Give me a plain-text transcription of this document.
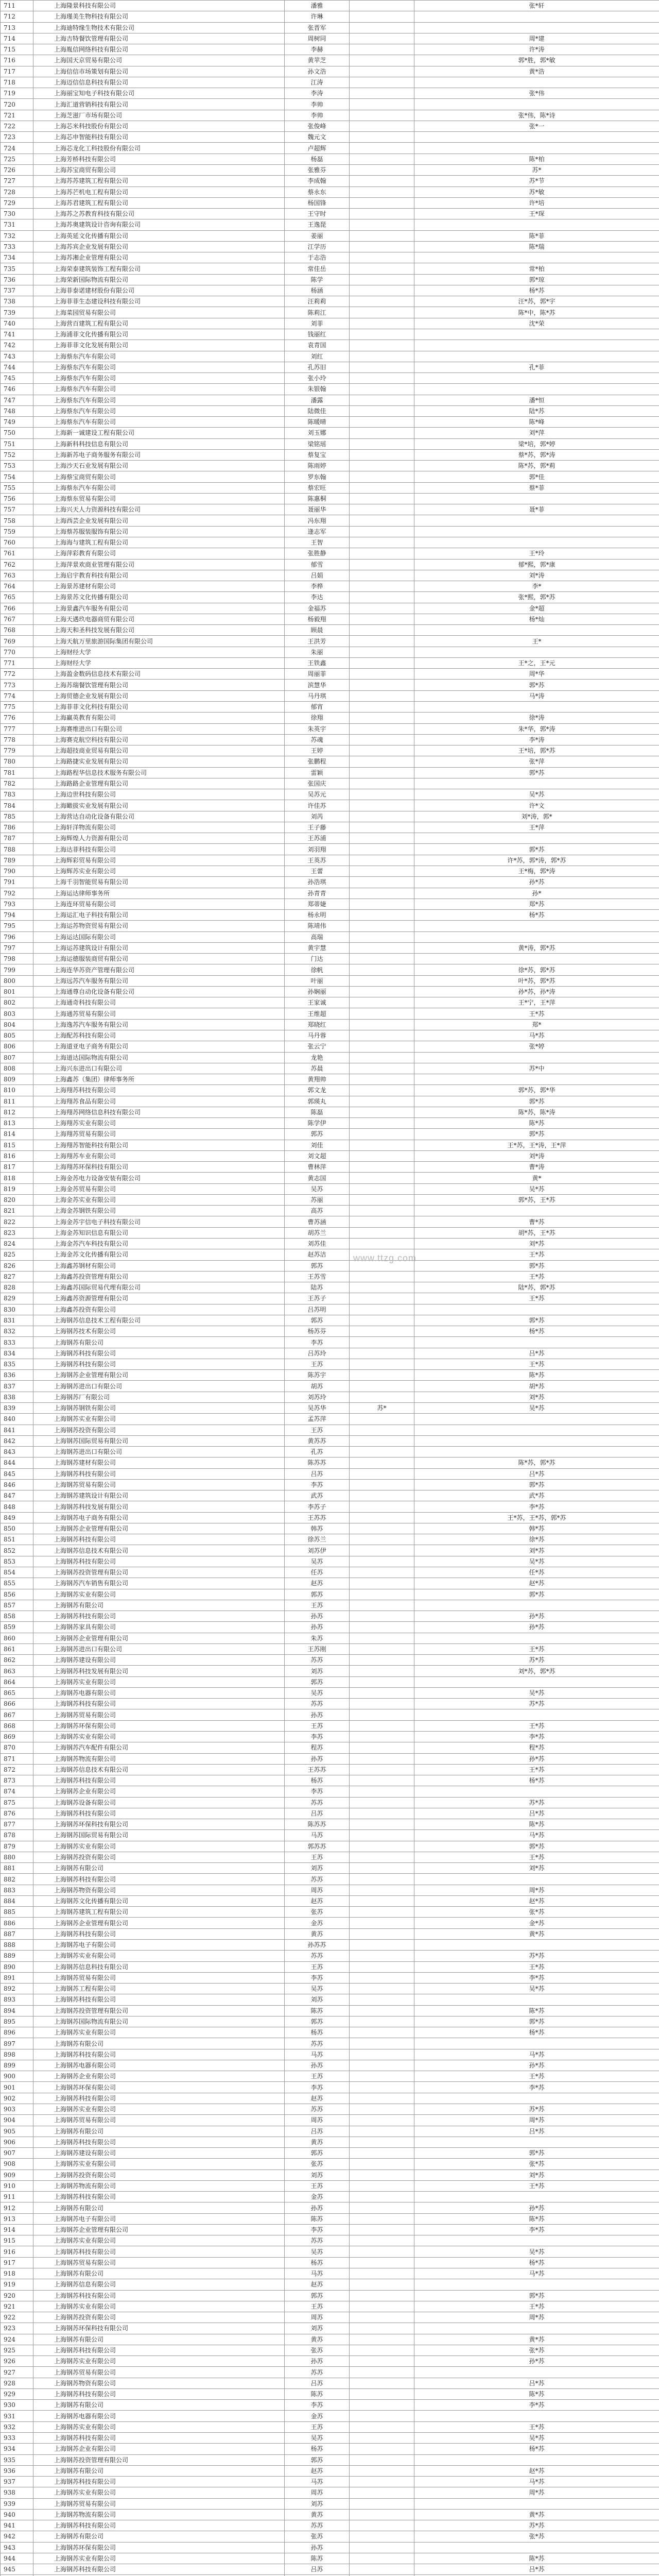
711	上海隆景科技有限公司	潘雅		张*轩
712	上海瑾美生物科技有限公司	许琳		
713	上海迪特缘生物技术有限公司	张晋军		
714	上海吉特餐饮管理有限公司	周树同		周*建
715	上海胤信网络科技有限公司	李赫		许*涛
716	上海国天京贸易有限公司	黄苹芝		郭*胜，郭*敏
717	上海信信市场策划有限公司	孙文浩		黄*浩
718	上海迈信信息科技有限公司	江涛		
719	上海丽宝知电子科技有限公司	李涛		张*伟
720	上海汇道营销科技有限公司	李帅		
721	上海芝滋厂市场有限公司	李帅		张*伟，陈*诗
722	上海芯米科技股份有限公司	张俊峰		张*一
723	上海芯申智能科技有限公司	魏元文		
724	上海芯龙化工科技股份有限公司	卢超辉		
725	上海芳桥科技有限公司	杨磊		陈*柏
726	上海苏宝商贸有限公司	张雅芬		苏*
727	上海苏苏建筑工程有限公司	李成翰		苏*节
728	上海苏芒机电工程有限公司	蔡永东		苏*敏
729	上海苏君建筑工程有限公司	杨国锋		许*培
730	上海苏之苏教育科技有限公司	王守时		王*琛
731	上海苏奥建筑设计咨询有限公司	王逸琵		
732	上海英延文化传播有限公司	姜丽		陈*菲
733	上海苏宾企业发展有限公司	江学历		陈*瑞
734	上海苏湘企业管理有限公司	于志浩		
735	上海荣泰建筑装饰工程有限公司	常佳岳		常*柏
736	上海荣新国际物流有限公司	陈学		郭*琼
737	上海菲泰诺建材股份有限公司	杨涵		杨*苏
738	上海菲菲生态建设科技有限公司	汪莉莉		汪*苏，郭*宇
739	上海菜园贸易有限公司	陈莉江		陈*中，陈*苏
740	上海营百建筑工程有限公司	刘菲		沈*荣
741	上海浦菲文化传播有限公司	钱丽红		
742	上海菲菲文化发展有限公司	袁青国		
743	上海蔡东汽车有限公司	刘红		
744	上海蔡东汽车有限公司	孔苏旧		孔*菲
745	上海蔡东汽车有限公司	张小玲		
746	上海蔡东汽车有限公司	朱银翰		
747	上海蔡东汽车有限公司	潘露		潘*恒
748	上海蔡东汽车有限公司	陆微佳		陆*苏
749	上海蔡东汽车有限公司	陈暖晴		陈*峰
750	上海新一诚建设工程有限公司	刘玉娜		刘*萍
751	上海新科科技信息有限公司	梁铭瑶		梁*培，郭*婷
752	上海新苏电子商务服务有限公司	蔡复宝		蔡*苏，郭*涛
753	上海沙天石业发展有限公司	陈雨婷		陈*苏，郭*莉
754	上海蔡宝商贸有限公司	罗东翰		郭*佳
755	上海蔡东汽车有限公司	蔡宏旺		蔡*菲
756	上海蔡东贸易有限公司	陈惠桐		
757	上海兴天人力资源科技有限公司	聂丽华		聂*菲
758	上海西芸企业发展有限公司	冯东翔		
759	上海蔡苏服装服饰有限公司	逢志军		
760	上海海与建筑工程有限公司	王智		
761	上海萍彩教育有限公司	张胜静		王*玲
762	上海萍景欢商业管理有限公司	郁雪		郁*熙，郭*康
763	上海启宇教育科技有限公司	吕娟		刘*涛
764	上海景苏建材有限公司	李桦		李*
765	上海景苏文化传播有限公司	李达		张*熙，郭*苏
766	上海景鑫汽车服务有限公司	金福苏		金*超
767	上海天遇玖电器商贸有限公司	杨毅翔		杨*灿
768	上海天和圣科技发展有限公司	顾晨		
769	上海天航万里旅游国际集团有限公司	王洪芳		王*
770	上海财经大学	朱丽		
771	上海财经大学	王铁鑫		王*之，王*元
772	上海盈金数码信息技术有限公司	周丽菲		周*华
773	上海苏瑞餐饮管理有限公司	滨慧华		郭*苏
774	上海贸德企业发展有限公司	马丹琪		马*涛
775	上海菲菲文化科技有限公司	郁宵		
776	上海赢英教育有限公司	徐翔		徐*涛
777	上海赛维进出口有限公司	朱英宇		朱*华，郭*涛
778	上海赛克航空科技有限公司	苏魂		李*涛
779	上海超技商业贸易有限公司	王婷		王*培，郭*苏
780	上海路捷实业发展有限公司	张鹏程		张*萍
781	上海路程华信息技术服务有限公司	雷颖		郭*苏
782	上海路路企业管理有限公司	张国庆		
783	上海边世科技有限公司	吴苏元		吴*苏
784	上海瞰拔实业发展有限公司	许佳苏		许*文
785	上海营达自动化设备有限公司	刘芮		刘*涛，郭*
786	上海轩洋物流有限公司	王子藤		王*萍
787	上海辉煌人力资源有限公司	王苏浦		
788	上海达菲科技有限公司	刘羽翔		郭*苏
789	上海辉彩贸易有限公司	王英苏		许*苏，郭*涛，郭*苏
790	上海辉苏实业有限公司	王蕾		王*梅，郭*涛
791	上海千羽智能贸易有限公司	孙浩琪		孙*苏
792	上海运达律师事务所	孙青青		孙*
793	上海连环贸易有限公司	郑蒂婕		郑*苏
794	上海运汇电子科技有限公司	杨永明		杨*苏
795	上海运苏物资贸易有限公司	陈靖伟		
796	上海运达国际有限公司	高瑞		
797	上海运苏建筑设计有限公司	黄宇慧		黄*涛，郭*苏
798	上海运德服装商贸有限公司	门达		
799	上海连华苏资产管理有限公司	徐帆		徐*苏，郭*苏
800	上海远苏汽车服务有限公司	叶丽		叶*苏，郭*苏
801	上海通尊自动化设备有限公司	孙娴丽		孙*苏，孙*涛
802	上海通奇科技有限公司	王家诚		王*宁，王*萍
803	上海通苏贸易有限公司	王维超		王*苏
804	上海逸苏汽车服务有限公司	郑晓红		郑*
805	上海配苏科技有限公司	马丹蓉		马*苏
806	上海道亚电子商务有限公司	张云宁		张*婷
807	上海道达国际物流有限公司	龙艳		
808	上海兴东进出口有限公司	苏晨		苏*中
809	上海鑫苏（集团）律师事务所	黄翔帅		
810	上海翔苏科技有限公司	郭文龙		郭*苏，郭*华
811	上海翔苏食品有限公司	郭瑛丸		郭*苏
812	上海翔苏网络信息科技有限公司	陈磊		陈*苏，陈*涛
813	上海翔苏实业有限公司	陈学伊		陈*苏
814	上海翔苏贸易有限公司	郭苏		郭*苏
815	上海翔苏智能科技有限公司	刘佳		王*苏，王*涛，王*萍
816	上海翔苏车业有限公司	刘文超		刘*涛
817	上海翔苏环保科技有限公司	曹林萍		曹*涛
818	上海金苏电力设备安装有限公司	黄志国		黄*
819	上海金苏贸易有限公司	吴苏		吴*苏
820	上海金苏实业有限公司	苏丽		郭*苏，王*苏
821	上海金苏钢铁有限公司	高苏		
822	上海金苏宇信电子科技有限公司	曹苏涵		曹*苏
823	上海金苏知识信息有限公司	胡苏兰		胡*苏，王*苏
824	上海金苏汽车科技有限公司	刘苏佳		刘*苏
825	上海金苏文化传播有限公司	赵苏洁		王*苏
826	上海鑫苏钢材有限公司	郭苏		郭*苏
827	上海鑫苏投资管理有限公司	王苏雪		王*苏
828	上海鑫苏国际贸易代理有限公司	陆苏		陆*苏，郭*苏
829	上海鑫苏资源管理有限公司	王苏子		王*苏
830	上海鑫苏投资有限公司	吕苏明		
831	上海钢苏信息技术工程有限公司	郭苏		郭*苏
832	上海钢苏技术有限公司	杨苏芬		杨*苏
833	上海钢苏有限公司	李苏		
834	上海钢苏科技有限公司	吕苏玲		吕*苏
835	上海钢苏科技有限公司	王苏		王*苏
836	上海钢苏企业管理有限公司	陈苏宇		陈*苏
837	上海钢苏进出口有限公司	胡苏		胡*苏
838	上海钢苏厂有限公司	刘苏玲		刘*苏
839	上海钢苏钢铁有限公司	吴苏华	苏*	吴*苏
840	上海钢苏实业有限公司	孟苏萍		
841	上海钢苏投资有限公司	王苏		
842	上海钢苏国际贸易有限公司	黄苏苏		
843	上海钢苏进出口有限公司	孔苏		
844	上海钢苏建材有限公司	陈苏苏		陈*苏，郭*苏
845	上海钢苏科技有限公司	吕苏		吕*苏
846	上海钢苏贸易有限公司	李苏		郭*苏
847	上海钢苏建筑设计有限公司	武苏		武*苏
848	上海钢苏科技发展有限公司	李苏子		李*苏
849	上海钢苏电子商务有限公司	王苏苏		王*苏，王*苏，郭*苏
850	上海钢苏企业管理有限公司	韩苏		韩*苏
851	上海钢苏科技有限公司	徐苏兰		徐*苏
852	上海钢苏信息技术有限公司	刘苏伊		刘*苏
853	上海钢苏科技有限公司	吴苏		吴*苏
854	上海钢苏投资管理有限公司	任苏		任*苏
855	上海钢苏汽车销售有限公司	赵苏		赵*苏
856	上海钢苏实业有限公司	郭苏		郭*苏
857	上海钢苏有限公司	王苏		
858	上海钢苏科技有限公司	孙苏		孙*苏
859	上海钢苏家具有限公司	孙苏		孙*苏
860	上海钢苏企业管理有限公司	朱苏		
861	上海钢苏进出口有限公司	王苏刚		王*苏
862	上海钢苏建设有限公司	苏苏		苏*苏
863	上海钢苏科技发展有限公司	刘苏		刘*苏，郭*苏
864	上海钢苏实业有限公司	郭苏		
865	上海钢苏电器有限公司	吴苏		吴*苏
866	上海钢苏科技有限公司	苏苏		苏*苏
867	上海钢苏贸易有限公司	孙苏		
868	上海钢苏环保有限公司	王苏		王*苏
869	上海钢苏实业有限公司	李苏		李*苏
870	上海钢苏汽车配件有限公司	程苏		程*苏
871	上海钢苏物流有限公司	孙苏		孙*苏
872	上海钢苏信息技术有限公司	王苏苏		王*苏
873	上海钢苏科技有限公司	杨苏		杨*苏
874	上海钢苏企业有限公司	李苏		
875	上海钢苏设备有限公司	苏苏		苏*苏
876	上海钢苏科技有限公司	吕苏		吕*苏
877	上海钢苏环保科技有限公司	陈苏苏		陈*苏
878	上海钢苏国际贸易有限公司	马苏		马*苏
879	上海钢苏实业有限公司	郭苏苏		郭*苏
880	上海钢苏投资有限公司	王苏		王*苏
881	上海钢苏有限公司	刘苏		刘*苏
882	上海钢苏科技有限公司	苏苏		
883	上海钢苏物资有限公司	周苏		周*苏
884	上海钢苏文化传播有限公司	赵苏		赵*苏
885	上海钢苏建筑工程有限公司	张苏		张*苏
886	上海钢苏企业管理有限公司	金苏		金*苏
887	上海钢苏科技有限公司	黄苏		黄*苏
888	上海钢苏电子有限公司	孙苏苏		
889	上海钢苏实业有限公司	苏苏		苏*苏
890	上海钢苏信息科技有限公司	王苏		王*苏
891	上海钢苏贸易有限公司	李苏		李*苏
892	上海钢苏工程有限公司	吴苏		吴*苏
893	上海钢苏科技有限公司	刘苏		
894	上海钢苏投资管理有限公司	陈苏		陈*苏
895	上海钢苏国际物流有限公司	郭苏		郭*苏
896	上海钢苏实业有限公司	杨苏		杨*苏
897	上海钢苏有限公司	苏苏		
898	上海钢苏科技有限公司	马苏		马*苏
899	上海钢苏电器有限公司	孙苏		孙*苏
900	上海钢苏企业有限公司	王苏		王*苏
901	上海钢苏环保有限公司	李苏		李*苏
902	上海钢苏科技有限公司	赵苏		
903	上海钢苏实业有限公司	苏苏		苏*苏
904	上海钢苏贸易有限公司	周苏		周*苏
905	上海钢苏有限公司	吕苏		吕*苏
906	上海钢苏科技有限公司	黄苏		
907	上海钢苏建设有限公司	郭苏		郭*苏
908	上海钢苏实业有限公司	张苏		张*苏
909	上海钢苏投资有限公司	刘苏		刘*苏
910	上海钢苏物流有限公司	王苏		王*苏
911	上海钢苏科技有限公司	金苏		
912	上海钢苏有限公司	孙苏		孙*苏
913	上海钢苏电子有限公司	陈苏		陈*苏
914	上海钢苏企业管理有限公司	李苏		李*苏
915	上海钢苏实业有限公司	苏苏		
916	上海钢苏科技有限公司	吴苏		吴*苏
917	上海钢苏贸易有限公司	杨苏		杨*苏
918	上海钢苏有限公司	马苏		马*苏
919	上海钢苏信息有限公司	赵苏		
920	上海钢苏科技有限公司	郭苏		郭*苏
921	上海钢苏实业有限公司	王苏		王*苏
922	上海钢苏投资有限公司	周苏		周*苏
923	上海钢苏环保科技有限公司	刘苏		
924	上海钢苏有限公司	黄苏		黄*苏
925	上海钢苏科技有限公司	张苏		张*苏
926	上海钢苏实业有限公司	孙苏		孙*苏
927	上海钢苏贸易有限公司	苏苏		
928	上海钢苏物资有限公司	吕苏		吕*苏
929	上海钢苏科技有限公司	陈苏		陈*苏
930	上海钢苏有限公司	李苏		李*苏
931	上海钢苏电器有限公司	金苏		
932	上海钢苏实业有限公司	王苏		王*苏
933	上海钢苏科技有限公司	吴苏		吴*苏
934	上海钢苏企业有限公司	杨苏		杨*苏
935	上海钢苏投资管理有限公司	郭苏		
936	上海钢苏有限公司	赵苏		赵*苏
937	上海钢苏科技有限公司	马苏		马*苏
938	上海钢苏实业有限公司	周苏		周*苏
939	上海钢苏贸易有限公司	刘苏		
940	上海钢苏物流有限公司	黄苏		黄*苏
941	上海钢苏科技有限公司	苏苏		苏*苏
942	上海钢苏有限公司	张苏		张*苏
943	上海钢苏环保有限公司	孙苏		
944	上海钢苏实业有限公司	陈苏		陈*苏
945	上海钢苏科技有限公司	吕苏		吕*苏

www.ttzg.com
